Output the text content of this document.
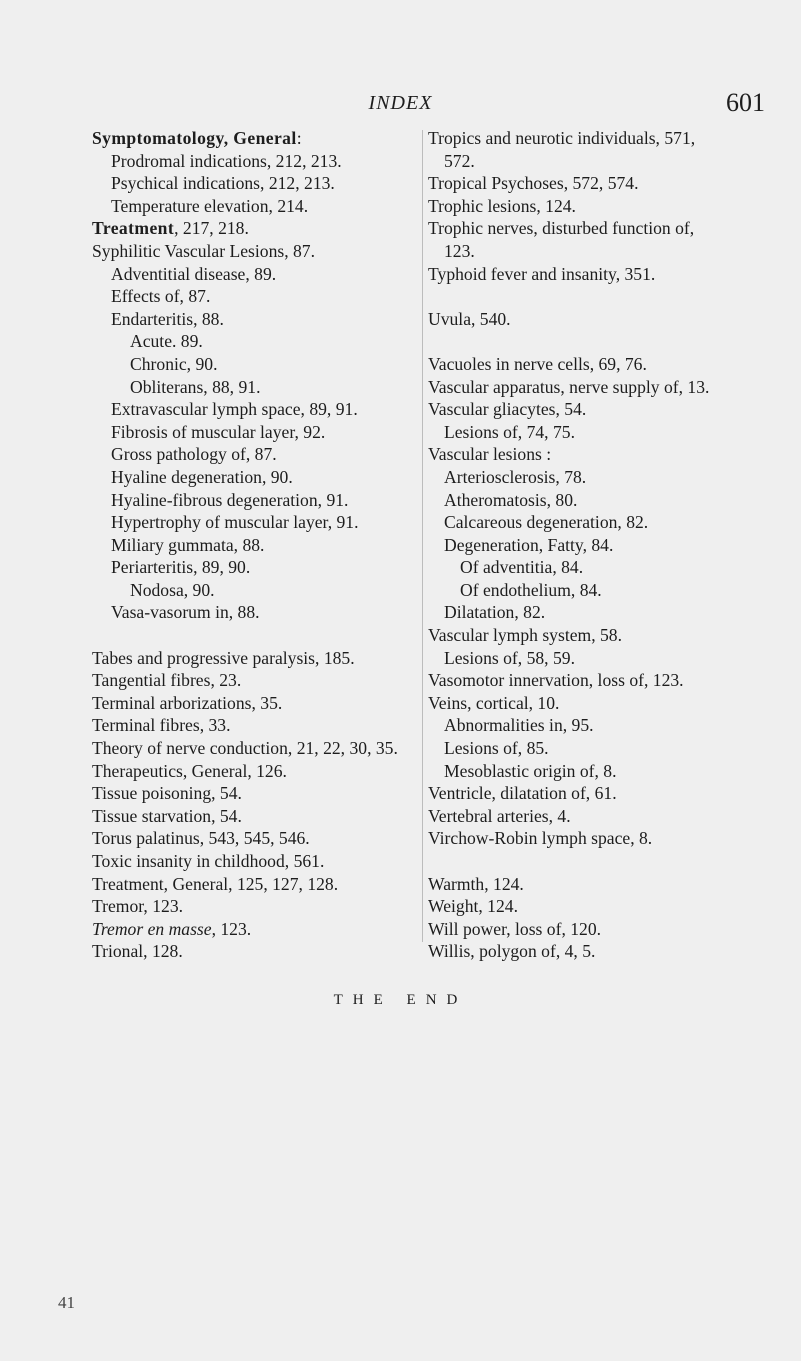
INDEX	601
Symptomatology, General:
Prodromal indications, 212, 213.
Psychical indications, 212, 213.
Temperature elevation, 214.
Treatment, 217, 218.
Syphilitic Vascular Lesions, 87.
Adventitial disease, 89.
Effects of, 87.
Endarteritis, 88.
Acute. 89.
Chronic, 90.
Obliterans, 88, 91.
Extravascular lymph space, 89, 91.
Fibrosis of muscular layer, 92.
Gross pathology of, 87.
Hyaline degeneration, 90.
Hyaline-fibrous degeneration, 91.
Hypertrophy of muscular layer, 91.
Miliary gummata, 88.
Periarteritis, 89, 90.
Nodosa, 90.
Vasa-vasorum in, 88.
Tabes and progressive paralysis, 185.
Tangential fibres, 23.
Terminal arborizations, 35.
Terminal fibres, 33.
Theory of nerve conduction, 21, 22, 30, 35.
Therapeutics, General, 126.
Tissue poisoning, 54.
Tissue starvation, 54.
Torus palatinus, 543, 545, 546.
Toxic insanity in childhood, 561.
Treatment, General, 125, 127, 128.
Tremor, 123.
Tremor en masse, 123.
Trional, 128.
Tropics and neurotic individuals, 571,
572.
Tropical Psychoses, 572, 574.
Trophic lesions, 124.
Trophic nerves, disturbed function of,
123.
Typhoid fever and insanity, 351.
Uvula, 540.
Vacuoles in nerve cells, 69, 76.
Vascular apparatus, nerve supply of, 13.
Vascular gliacytes, 54.
Lesions of, 74, 75.
Vascular lesions :
Arteriosclerosis, 78.
Atheromatosis, 80.
Calcareous degeneration, 82.
Degeneration, Fatty, 84.
Of adventitia, 84.
Of endothelium, 84.
Dilatation, 82.
Vascular lymph system, 58.
Lesions of, 58, 59.
Vasomotor innervation, loss of, 123.
Veins, cortical, 10.
Abnormalities in, 95.
Lesions of, 85.
Mesoblastic origin of, 8.
Ventricle, dilatation of, 61.
Vertebral arteries, 4.
Virchow-Robin lymph space, 8.
Warmth, 124.
Weight, 124.
Will power, loss of, 120.
Willis, polygon of, 4, 5.
THE END
41
